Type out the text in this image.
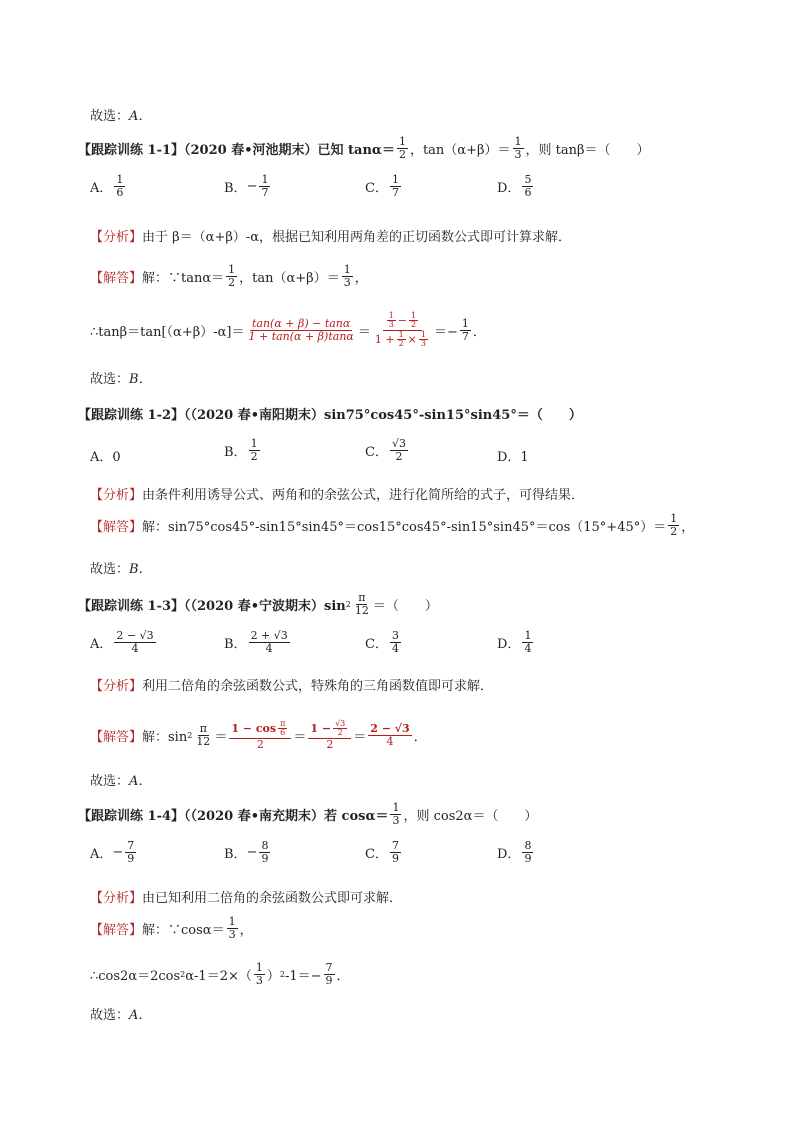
故选： A．
【跟踪训练 1-1】（2020 春•河池期末）已知 $\tan\alpha= \frac{1}{2}$ ，$\tan(\alpha+\beta)= \frac{1}{3}$ ，则 tanβ＝（　　）
A． $\frac{1}{6}$	B． − $\frac{1}{7}$	C． $\frac{1}{7}$	D． $\frac{5}{6}$
【分析】 由于 β＝（α+β）-α，根据已知利用两角差的正切函数公式即可计算求解．
【解答】 解：∵tanα＝ $\frac{1}{2}$ ，$\tan(\alpha+\beta)= \frac{1}{3}$ ，
∴tanβ＝tan[（α+β）-α]＝ $\frac{\tan(\alpha + \beta) - \tan\alpha}{1 + \tan(\alpha + \beta)\tan\alpha} = \frac{\frac{1}{3} - \frac{1}{2}}{1 + \frac{1}{2} \times \frac{1}{3}} =- \frac{1}{7}$ ．
故选： B．
【跟踪训练 1-2】（（2020 春•南阳期末）sin75°cos45°-sin15°sin45°＝（　　）
A．0	B． $\frac{1}{2}$	C． $\frac{√3}{2}$	D．1
【分析】 由条件利用诱导公式、两角和的余弦公式，进行化简所给的式子，可得结果．
【解答】 解：$\sin 75^\circ\cos 45^\circ-\sin 15^\circ\sin 45^\circ=\cos 15^\circ\cos 45^\circ-\sin 15^\circ\sin 45^\circ=\cos(15^\circ+45^\circ)= \frac{1}{2}$ ，
故选： B．
【跟踪训练 1-3】（（2020 春•宁波期末）sin $2 \frac{\pi}{12}$ ＝（　　）
A． $\frac{2 - √3}{4}$	B． $\frac{2 + √3}{4}$	C． $\frac{3}{4}$	D． $\frac{1}{4}$
【分析】 利用二倍角的余弦函数公式，特殊角的三角函数值即可求解．
【解答】 解：$\sin 2 \frac{\pi}{12} = \frac{1 - \cos \frac{\pi}{6}}{2} = \frac{1 - \frac{√3}{2}}{2} = \frac{2 - √3}{4}$ ．
故选： A．
【跟踪训练 1-4】（（2020 春•南充期末）若 $\cos\alpha= \frac{1}{3}$ ，则 cos2α＝（　　）
A． − $\frac{7}{9}$	B． − $\frac{8}{9}$	C． $\frac{7}{9}$	D． $\frac{8}{9}$
【分析】 由已知利用二倍角的余弦函数公式即可求解．
【解答】 解：∵cosα＝ $\frac{1}{3}$ ，
∴cos2α＝2cos 2 $\alpha-1=2\times( \frac{1}{3}$ ） 2 $-1=- \frac{7}{9}$ ．
故选： A．
